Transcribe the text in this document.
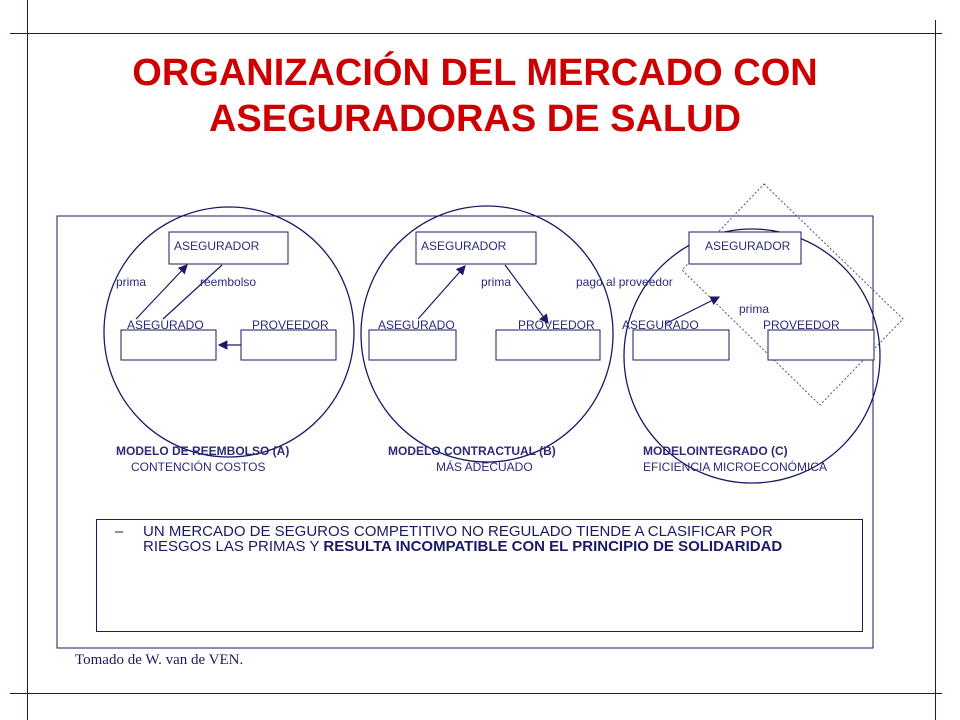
ORGANIZACIÓN DEL MERCADO CON
ASEGURADORAS DE SALUD
ASEGURADOR	ASEGURADOR	ASEGURADOR
prima	reembolso	prima	pago al proveedor
prima
ASEGURADO	PROVEEDOR	ASEGURADO	PROVEEDOR ASEGURADO	PROVEEDOR
MODELO DE REEMBOLSO (A)
CONTENCIÓN COSTOS
MODELO CONTRACTUAL (B)
MÁS ADECUADO
MODELOINTEGRADO (C)
EFICIENCIA MICROECONÓMICA
– UN MERCADO DE SEGUROS COMPETITIVO NO REGULADO TIENDE A CLASIFICAR POR RIESGOS LAS PRIMAS Y RESULTA INCOMPATIBLE CON EL PRINCIPIO DE SOLIDARIDAD
Tomado de W. van de VEN.
